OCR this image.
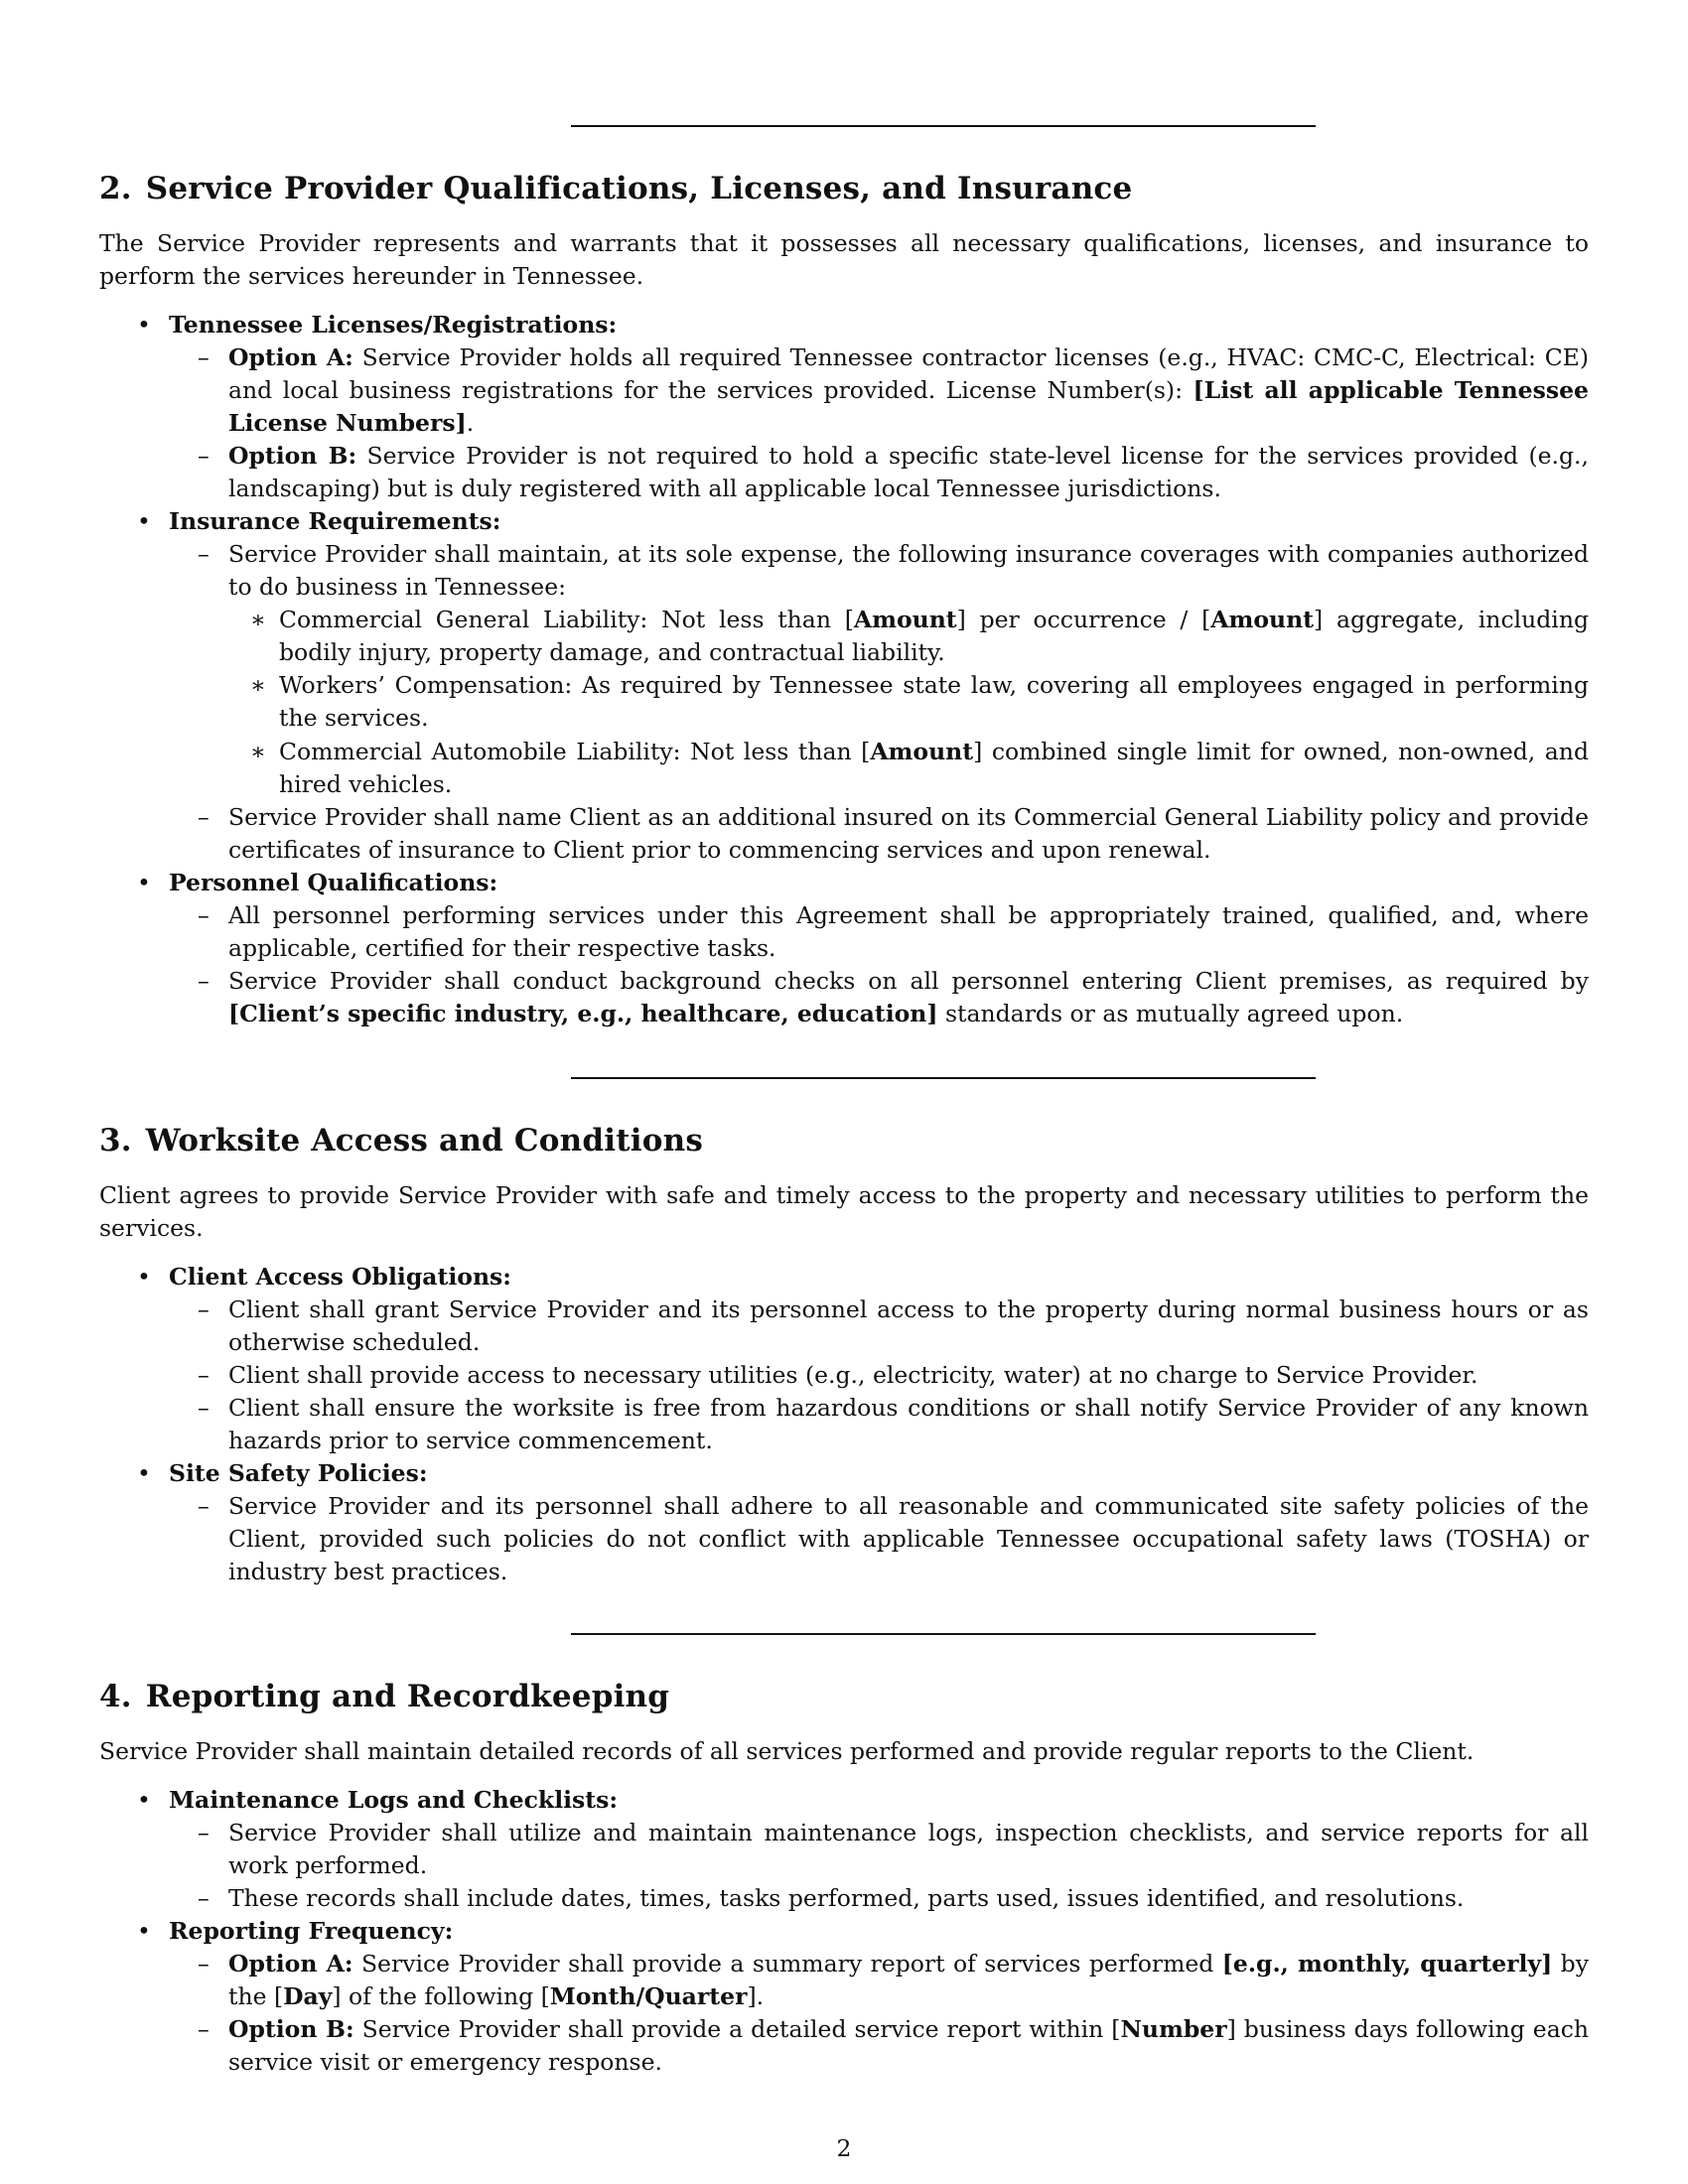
2. Service Provider Qualifications, Licenses, and Insurance

The Service Provider represents and warrants that it possesses all necessary qualifications, licenses, and insurance to perform the services hereunder in Tennessee.

• Tennessee Licenses/Registrations:
– Option A: Service Provider holds all required Tennessee contractor licenses (e.g., HVAC: CMC-C, Electrical: CE) and local business registrations for the services provided. License Number(s): [List all applicable Tennessee License Numbers].
– Option B: Service Provider is not required to hold a specific state-level license for the services provided (e.g., landscaping) but is duly registered with all applicable local Tennessee jurisdictions.
• Insurance Requirements:
– Service Provider shall maintain, at its sole expense, the following insurance coverages with companies authorized to do business in Tennessee:
∗ Commercial General Liability: Not less than [Amount] per occurrence / [Amount] aggregate, including bodily injury, property damage, and contractual liability.
∗ Workers’ Compensation: As required by Tennessee state law, covering all employees engaged in performing the services.
∗ Commercial Automobile Liability: Not less than [Amount] combined single limit for owned, non-owned, and hired vehicles.
– Service Provider shall name Client as an additional insured on its Commercial General Liability policy and provide certificates of insurance to Client prior to commencing services and upon renewal.
• Personnel Qualifications:
– All personnel performing services under this Agreement shall be appropriately trained, qualified, and, where applicable, certified for their respective tasks.
– Service Provider shall conduct background checks on all personnel entering Client premises, as required by [Client’s specific industry, e.g., healthcare, education] standards or as mutually agreed upon.
3. Worksite Access and Conditions

Client agrees to provide Service Provider with safe and timely access to the property and necessary utilities to perform the services.

• Client Access Obligations:
– Client shall grant Service Provider and its personnel access to the property during normal business hours or as otherwise scheduled.
– Client shall provide access to necessary utilities (e.g., electricity, water) at no charge to Service Provider.
– Client shall ensure the worksite is free from hazardous conditions or shall notify Service Provider of any known hazards prior to service commencement.
• Site Safety Policies:
– Service Provider and its personnel shall adhere to all reasonable and communicated site safety policies of the Client, provided such policies do not conflict with applicable Tennessee occupational safety laws (TOSHA) or industry best practices.
4. Reporting and Recordkeeping

Service Provider shall maintain detailed records of all services performed and provide regular reports to the Client.

• Maintenance Logs and Checklists:
– Service Provider shall utilize and maintain maintenance logs, inspection checklists, and service reports for all work performed.
– These records shall include dates, times, tasks performed, parts used, issues identified, and resolutions.
• Reporting Frequency:
– Option A: Service Provider shall provide a summary report of services performed [e.g., monthly, quarterly] by the [Day] of the following [Month/Quarter].
– Option B: Service Provider shall provide a detailed service report within [Number] business days following each service visit or emergency response.
2
